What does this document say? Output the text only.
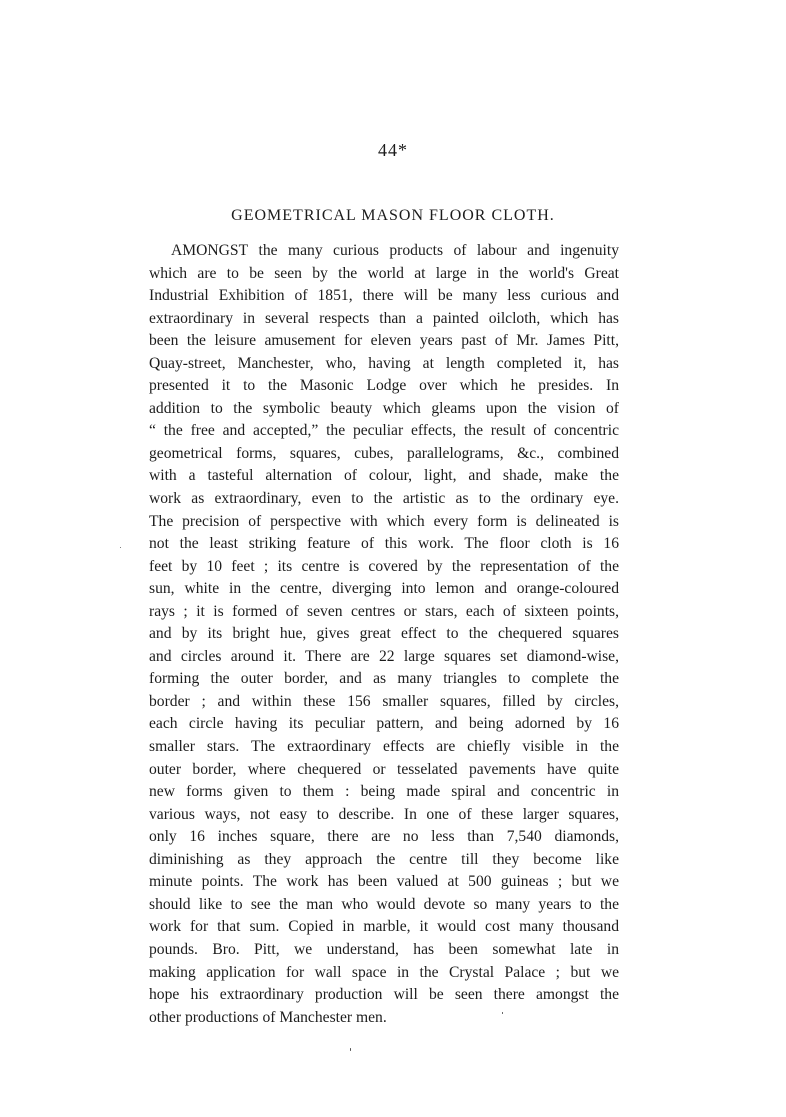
44*
GEOMETRICAL MASON FLOOR CLOTH.
AMONGST the many curious products of labour and ingenuity
which are to be seen by the world at large in the world's Great
Industrial Exhibition of 1851, there will be many less curious and
extraordinary in several respects than a painted oilcloth, which has
been the leisure amusement for eleven years past of Mr. James Pitt,
Quay-street, Manchester, who, having at length completed it, has
presented it to the Masonic Lodge over which he presides. In
addition to the symbolic beauty which gleams upon the vision of
“ the free and accepted,” the peculiar effects, the result of concentric
geometrical forms, squares, cubes, parallelograms, &c., combined
with a tasteful alternation of colour, light, and shade, make the
work as extraordinary, even to the artistic as to the ordinary eye.
The precision of perspective with which every form is delineated is
not the least striking feature of this work. The floor cloth is 16
feet by 10 feet ; its centre is covered by the representation of the
sun, white in the centre, diverging into lemon and orange-coloured
rays ; it is formed of seven centres or stars, each of sixteen points,
and by its bright hue, gives great effect to the chequered squares
and circles around it. There are 22 large squares set diamond-wise,
forming the outer border, and as many triangles to complete the
border ; and within these 156 smaller squares, filled by circles,
each circle having its peculiar pattern, and being adorned by 16
smaller stars. The extraordinary effects are chiefly visible in the
outer border, where chequered or tesselated pavements have quite
new forms given to them : being made spiral and concentric in
various ways, not easy to describe. In one of these larger squares,
only 16 inches square, there are no less than 7,540 diamonds,
diminishing as they approach the centre till they become like
minute points. The work has been valued at 500 guineas ; but we
should like to see the man who would devote so many years to the
work for that sum. Copied in marble, it would cost many thousand
pounds. Bro. Pitt, we understand, has been somewhat late in
making application for wall space in the Crystal Palace ; but we
hope his extraordinary production will be seen there amongst the
other productions of Manchester men.
